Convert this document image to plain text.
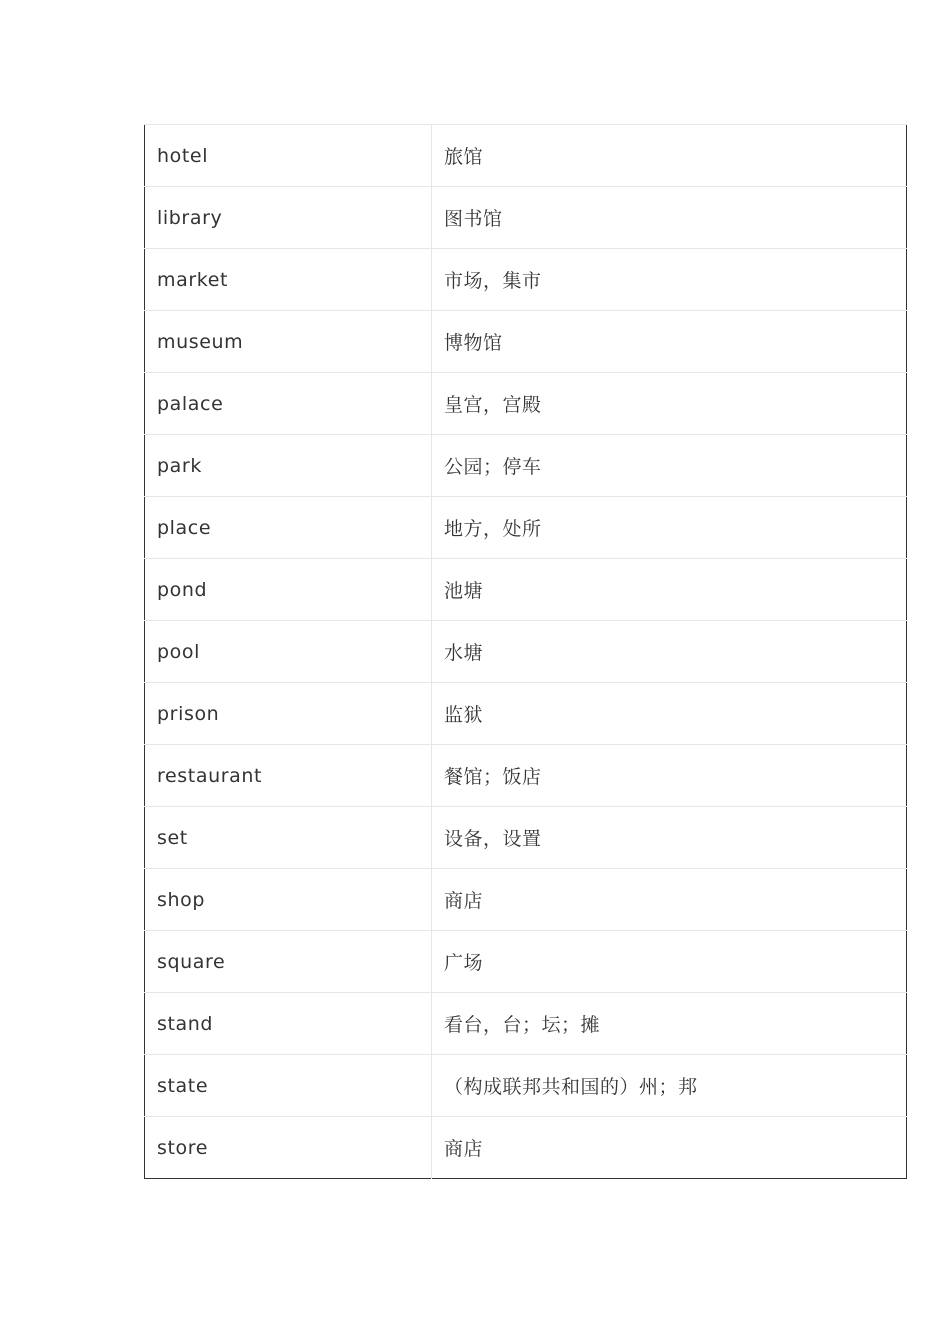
hotel	旅馆
library	图书馆
market	市场，集市
museum	博物馆
palace	皇宫，宫殿
park	公园；停车
place	地方，处所
pond	池塘
pool	水塘
prison	监狱
restaurant	餐馆；饭店
set	设备，设置
shop	商店
square	广场
stand	看台，台；坛；摊
state	（构成联邦共和国的）州；邦
store	商店
